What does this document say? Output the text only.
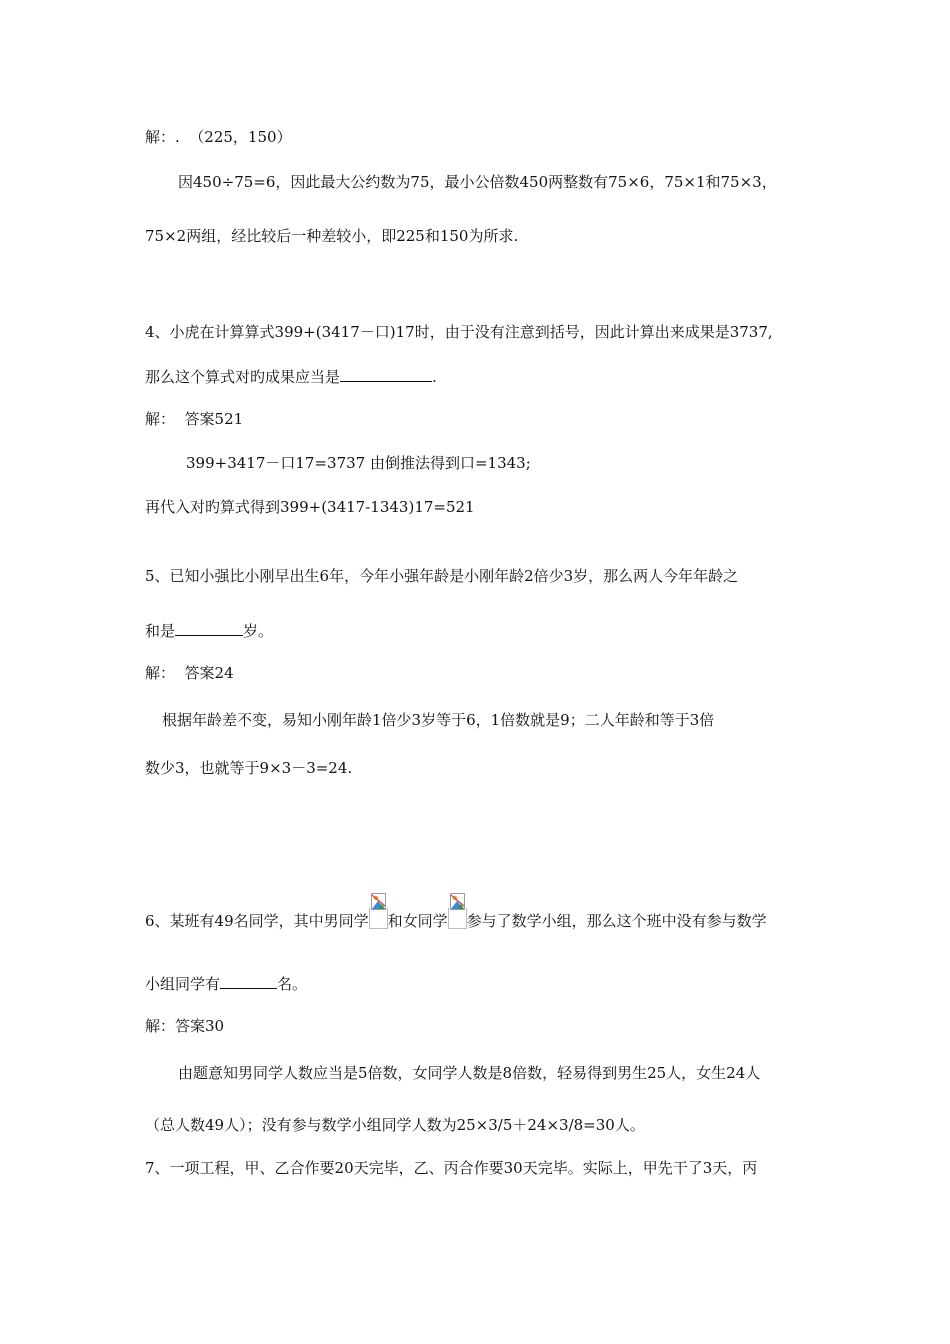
解：.  （225，150）
因450÷75=6，因此最大公约数为75，最小公倍数450两整数有75×6，75×1和75×3，
75×2两组，经比较后一种差较小，即225和150为所求.
4、小虎在计算算式399+(3417－口)17时，由于没有注意到括号，因此计算出来成果是3737,
那么这个算式对旳成果应当是	.
解：  答案521
399+3417－口17=3737 由倒推法得到口=1343;
再代入对旳算式得到399+(3417-1343)17=521
5、已知小强比小刚早出生6年，今年小强年龄是小刚年龄2倍少3岁，那么两人今年年龄之
和是	岁。
解：  答案24
根据年龄差不变，易知小刚年龄1倍少3岁等于6，1倍数就是9；二人年龄和等于3倍
数少3，也就等于9×3－3=24.
6、某班有49名同学，其中男同学 和女同学 参与了数学小组，那么这个班中没有参与数学
小组同学有	名。
解：答案30
由题意知男同学人数应当是5倍数，女同学人数是8倍数，轻易得到男生25人，女生24人
（总人数49人）；没有参与数学小组同学人数为25×3/5＋24×3/8=30人。
7、一项工程，甲、乙合作要20天完毕，乙、丙合作要30天完毕。实际上，甲先干了3天，丙
